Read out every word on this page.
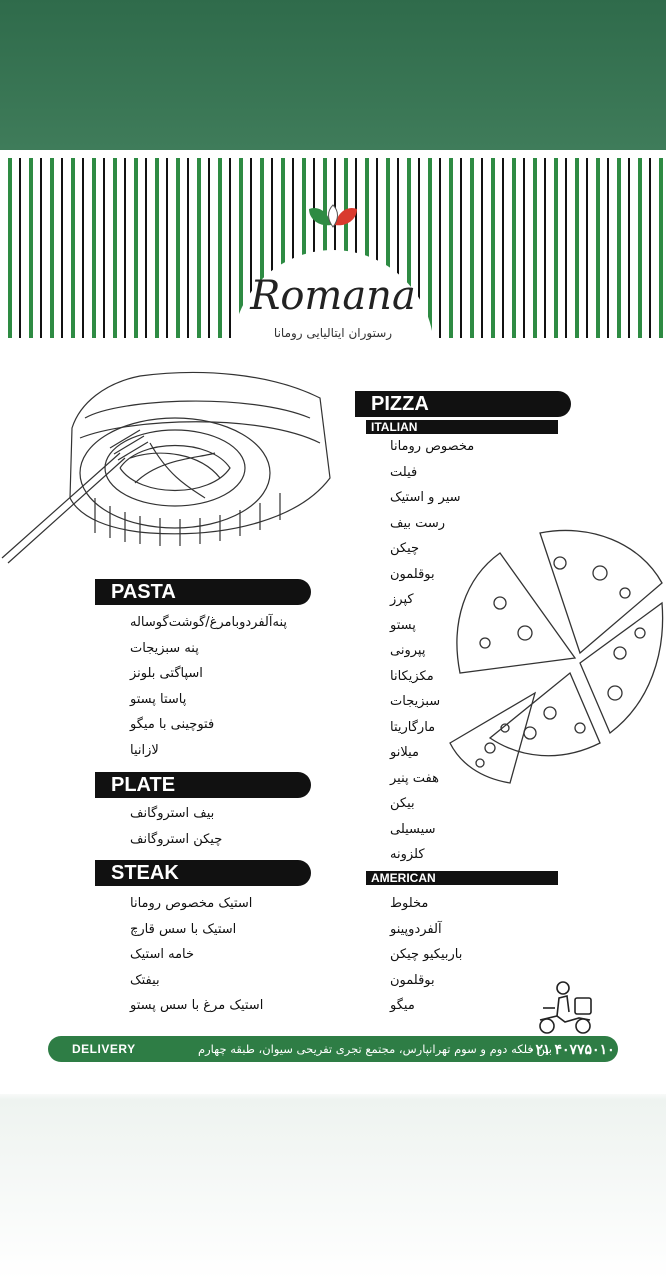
Romana
رستوران ایتالیایی رومانا
PASTA
پنه‌آلفردو‌بامرغ/گوشت‌گوساله
پنه سبزیجات
اسپاگتی بلونز
پاستا پستو
فتوچینی با میگو
لازانیا
PLATE
بیف استروگانف
چیکن استروگانف
STEAK
استیک مخصوص رومانا
استیک با سس قارچ
خامه استیک
بیفتک
استیک مرغ با سس پستو
PIZZA
ITALIAN
مخصوص رومانا
فیلت
سیر و استیک
رست بیف
چیکن
بوقلمون
کپرز
پستو
پپرونی
مکزیکانا
سبزیجات
مارگاریتا
میلانو
هفت پنیر
بیکن
سیسیلی
کلزونه
AMERICAN
مخلوط
آلفردوپینو
باربیکیو چیکن
بوقلمون
میگو
DELIVERY	بین فلکه دوم و سوم تهرانپارس، مجتمع تجری تفریحی سیوان، طبقه چهارم
۰۲۱ ۴۰۷۷۵۰۱۰
